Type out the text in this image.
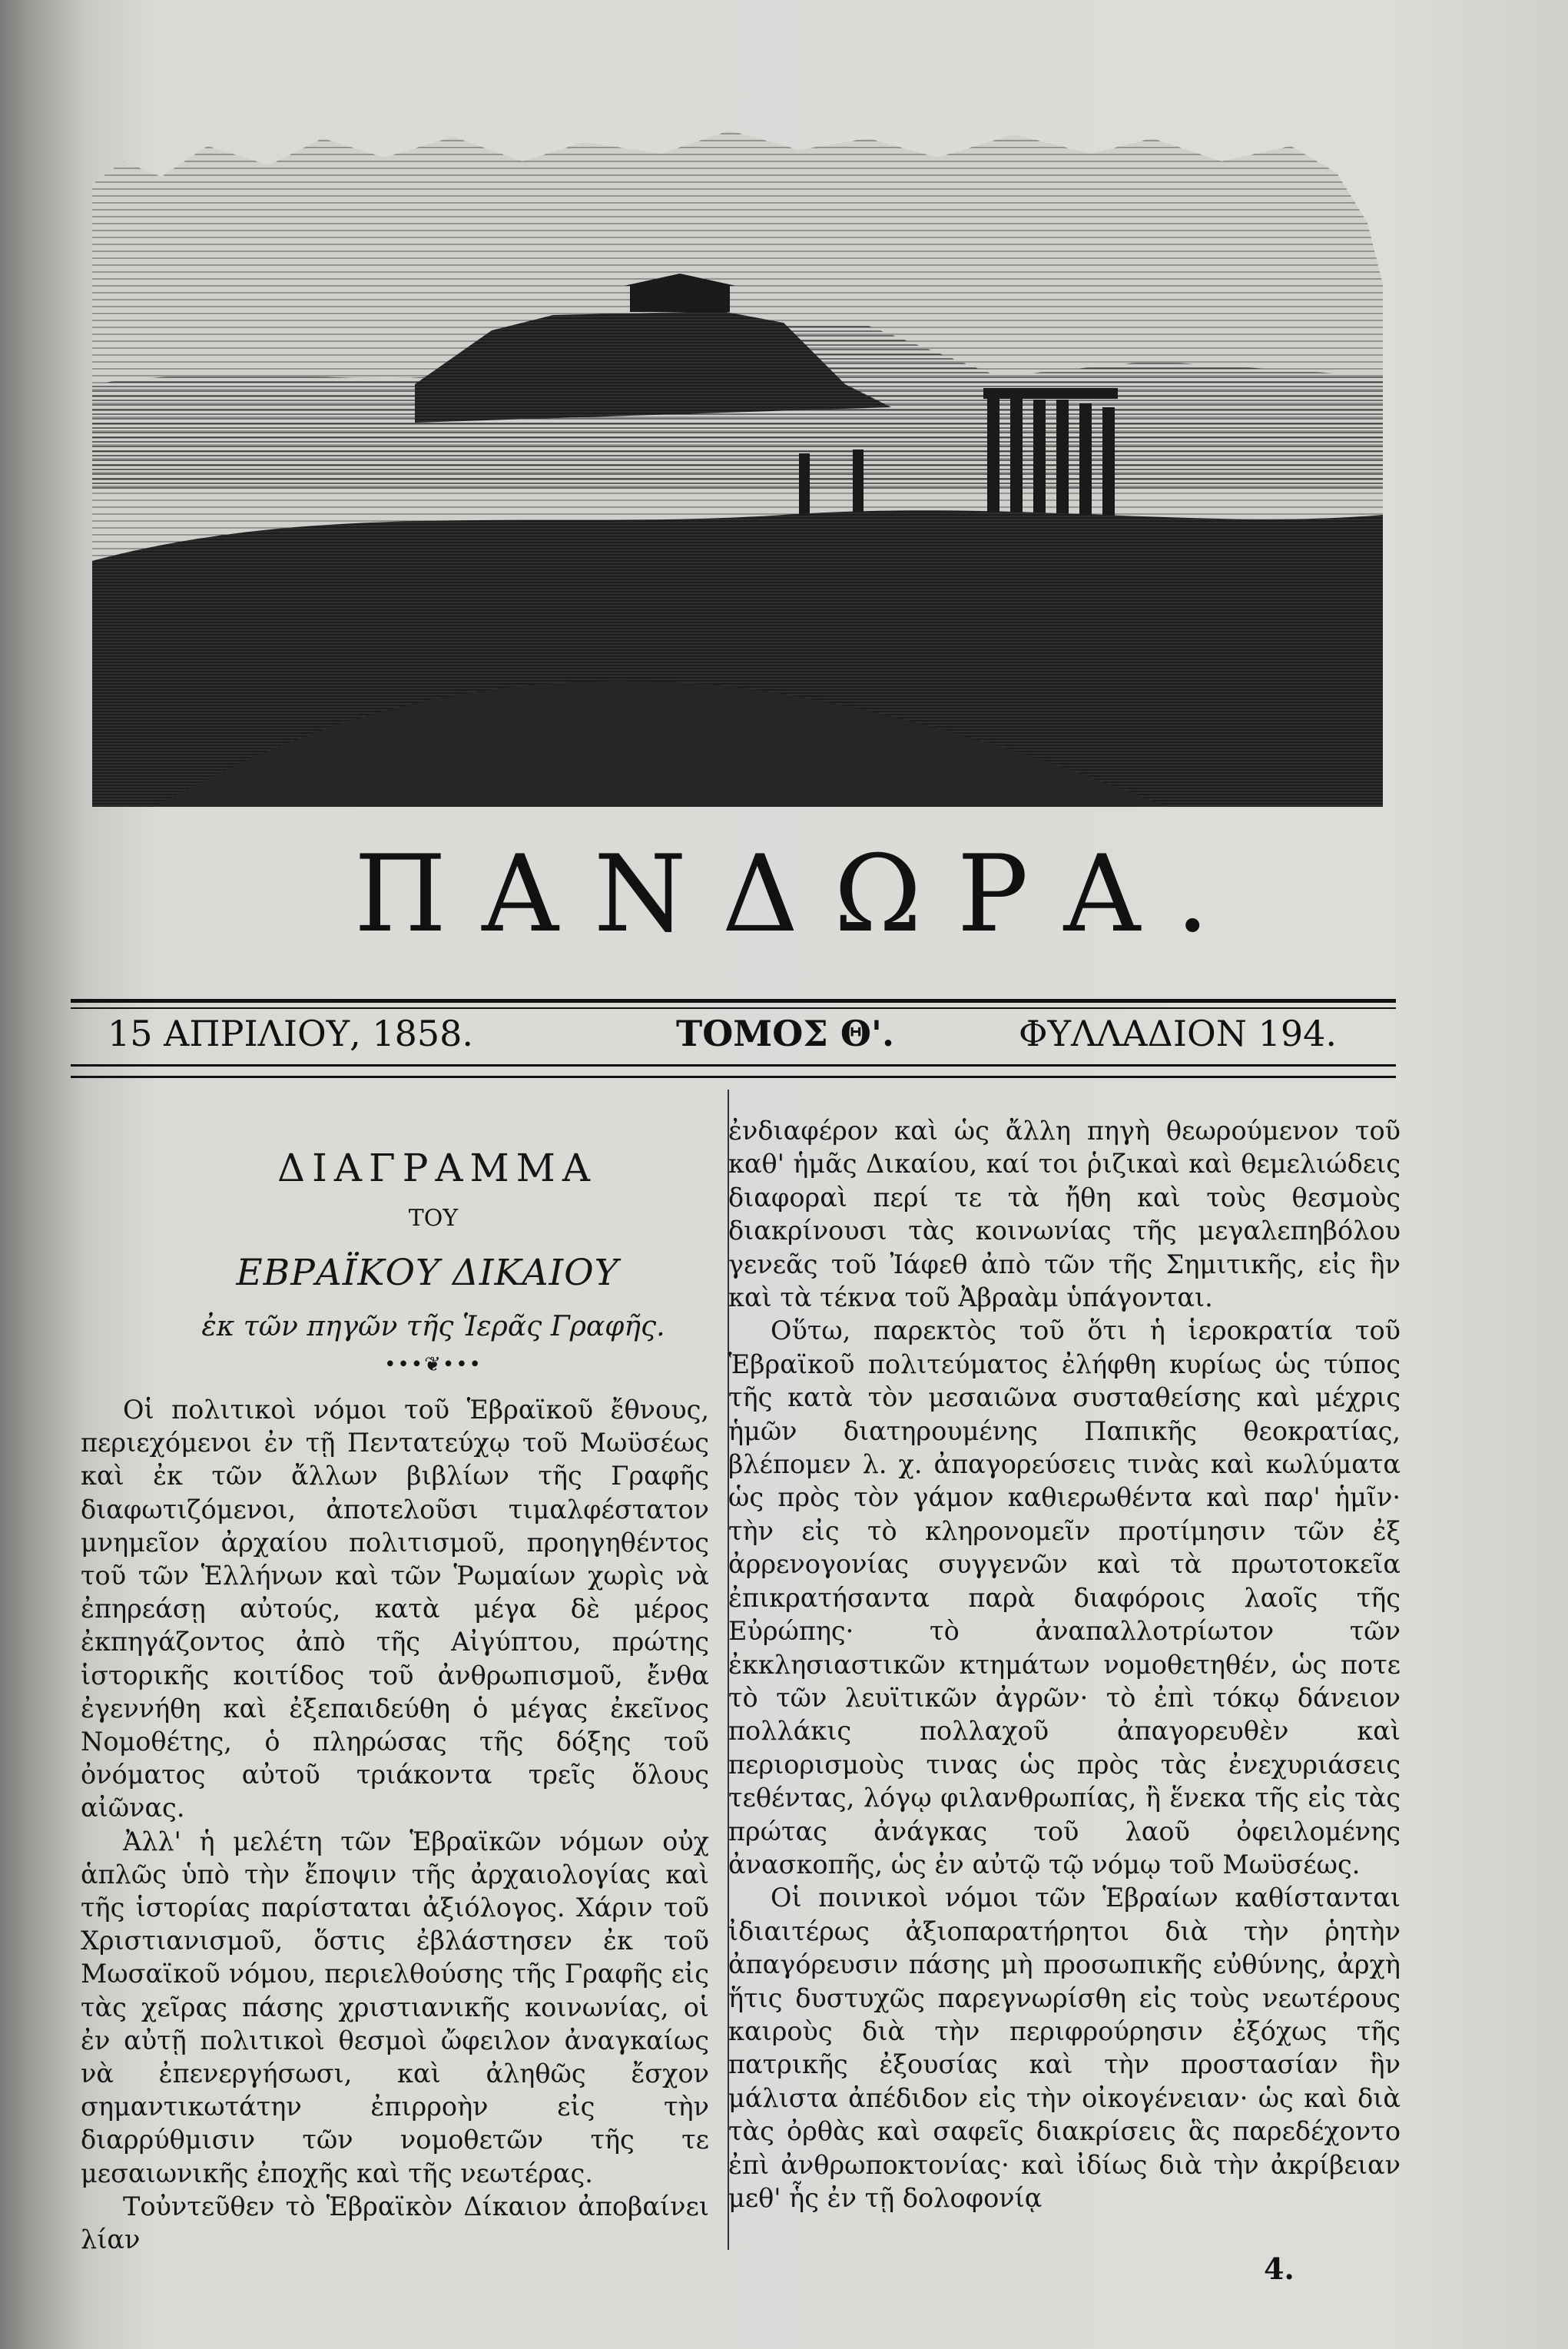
ΠΑΝΔΩΡΑ.
15 ΑΠΡΙΛΙΟΥ, 1858.	ΤΟΜΟΣ Θ'.	ΦΥΛΛΑΔΙΟΝ 194.
ΔΙΑΓΡΑΜΜΑ
ΤΟΥ
ΕΒΡΑΪΚΟΥ ΔΙΚΑΙΟΥ
ἐκ τῶν πηγῶν τῆς Ἱερᾶς Γραφῆς.
•••❦•••

Οἱ πολιτικοὶ νόμοι τοῦ Ἑβραϊκοῦ ἔθνους, περιεχόμενοι ἐν τῇ Πεντατεύχῳ τοῦ Μωϋσέως καὶ ἐκ τῶν ἄλλων βιβλίων τῆς Γραφῆς διαφωτιζόμενοι, ἀποτελοῦσι τιμαλφέστατον μνημεῖον ἀρχαίου πολιτισμοῦ, προηγηθέντος τοῦ τῶν Ἑλλήνων καὶ τῶν Ῥωμαίων χωρὶς νὰ ἐπηρεάσῃ αὐτούς, κατὰ μέγα δὲ μέρος ἐκπηγάζοντος ἀπὸ τῆς Αἰγύπτου, πρώτης ἱστορικῆς κοιτίδος τοῦ ἀνθρωπισμοῦ, ἔνθα ἐγεννήθη καὶ ἐξεπαιδεύθη ὁ μέγας ἐκεῖνος Νομοθέτης, ὁ πληρώσας τῆς δόξης τοῦ ὀνόματος αὐτοῦ τριάκοντα τρεῖς ὅλους αἰῶνας.

Ἀλλ' ἡ μελέτη τῶν Ἑβραϊκῶν νόμων οὐχ ἁπλῶς ὑπὸ τὴν ἔποψιν τῆς ἀρχαιολογίας καὶ τῆς ἱστορίας παρίσταται ἀξιόλογος. Χάριν τοῦ Χριστιανισμοῦ, ὅστις ἐβλάστησεν ἐκ τοῦ Μωσαϊκοῦ νόμου, περιελθούσης τῆς Γραφῆς εἰς τὰς χεῖρας πάσης χριστιανικῆς κοινωνίας, οἱ ἐν αὐτῇ πολιτικοὶ θεσμοὶ ὤφειλον ἀναγκαίως νὰ ἐπενεργήσωσι, καὶ ἀληθῶς ἔσχον σημαντικωτάτην ἐπιρροὴν εἰς τὴν διαρρύθμισιν τῶν νομοθετῶν τῆς τε μεσαιωνικῆς ἐποχῆς καὶ τῆς νεωτέρας.

Τοὐντεῦθεν τὸ Ἑβραϊκὸν Δίκαιον ἀποβαίνει λίαν

ἐνδιαφέρον καὶ ὡς ἄλλη πηγὴ θεωρούμενον τοῦ καθ' ἡμᾶς Δικαίου, καί τοι ῥιζικαὶ καὶ θεμελιώδεις διαφοραὶ περί τε τὰ ἤθη καὶ τοὺς θεσμοὺς διακρίνουσι τὰς κοινωνίας τῆς μεγαλεπηβόλου γενεᾶς τοῦ Ἰάφεθ ἀπὸ τῶν τῆς Σημιτικῆς, εἰς ἣν καὶ τὰ τέκνα τοῦ Ἀβραὰμ ὑπάγονται.

Οὕτω, παρεκτὸς τοῦ ὅτι ἡ ἱεροκρατία τοῦ Ἑβραϊκοῦ πολιτεύματος ἐλήφθη κυρίως ὡς τύπος τῆς κατὰ τὸν μεσαιῶνα συσταθείσης καὶ μέχρις ἡμῶν διατηρουμένης Παπικῆς θεοκρατίας, βλέπομεν λ. χ. ἀπαγορεύσεις τινὰς καὶ κωλύματα ὡς πρὸς τὸν γάμον καθιερωθέντα καὶ παρ' ἡμῖν· τὴν εἰς τὸ κληρονομεῖν προτίμησιν τῶν ἐξ ἀρρενογονίας συγγενῶν καὶ τὰ πρωτοτοκεῖα ἐπικρατήσαντα παρὰ διαφόροις λαοῖς τῆς Εὐρώπης· τὸ ἀναπαλλοτρίωτον τῶν ἐκκλησιαστικῶν κτημάτων νομοθετηθέν, ὡς ποτε τὸ τῶν λευϊτικῶν ἀγρῶν· τὸ ἐπὶ τόκῳ δάνειον πολλάκις πολλαχοῦ ἀπαγορευθὲν καὶ περιορισμοὺς τινας ὡς πρὸς τὰς ἐνεχυριάσεις τεθέντας, λόγῳ φιλανθρωπίας, ἢ ἕνεκα τῆς εἰς τὰς πρώτας ἀνάγκας τοῦ λαοῦ ὀφειλομένης ἀνασκοπῆς, ὡς ἐν αὐτῷ τῷ νόμῳ τοῦ Μωϋσέως.

Οἱ ποινικοὶ νόμοι τῶν Ἑβραίων καθίστανται ἰδιαιτέρως ἀξιοπαρατήρητοι διὰ τὴν ῥητὴν ἀπαγόρευσιν πάσης μὴ προσωπικῆς εὐθύνης, ἀρχὴ ἥτις δυστυχῶς παρεγνωρίσθη εἰς τοὺς νεωτέρους καιροὺς διὰ τὴν περιφρούρησιν ἐξόχως τῆς πατρικῆς ἐξουσίας καὶ τὴν προστασίαν ἣν μάλιστα ἀπέδιδον εἰς τὴν οἰκογένειαν· ὡς καὶ διὰ τὰς ὀρθὰς καὶ σαφεῖς διακρίσεις ἃς παρεδέχοντο ἐπὶ ἀνθρωποκτονίας· καὶ ἰδίως διὰ τὴν ἀκρίβειαν μεθ' ἧς ἐν τῇ δολοφονίᾳ

4.
